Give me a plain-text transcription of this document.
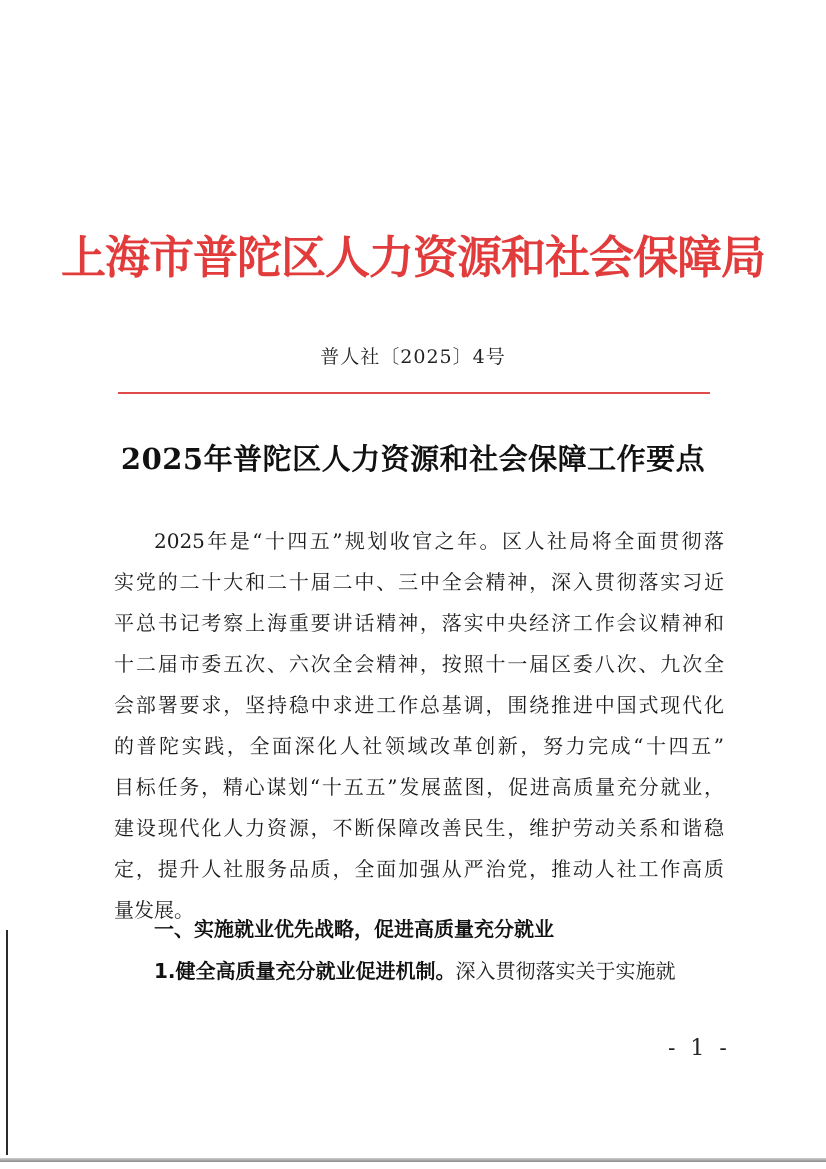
上海市普陀区人力资源和社会保障局
普人社〔2025〕4号
2025年普陀区人力资源和社会保障工作要点
2025年是“十四五”规划收官之年。区人社局将全面贯彻落
实党的二十大和二十届二中、三中全会精神，深入贯彻落实习近
平总书记考察上海重要讲话精神，落实中央经济工作会议精神和
十二届市委五次、六次全会精神，按照十一届区委八次、九次全
会部署要求，坚持稳中求进工作总基调，围绕推进中国式现代化
的普陀实践，全面深化人社领域改革创新，努力完成“十四五”
目标任务，精心谋划“十五五”发展蓝图，促进高质量充分就业，
建设现代化人力资源，不断保障改善民生，维护劳动关系和谐稳
定，提升人社服务品质，全面加强从严治党，推动人社工作高质
量发展。
一、实施就业优先战略，促进高质量充分就业
1.健全高质量充分就业促进机制。深入贯彻落实关于实施就
- 1 -
